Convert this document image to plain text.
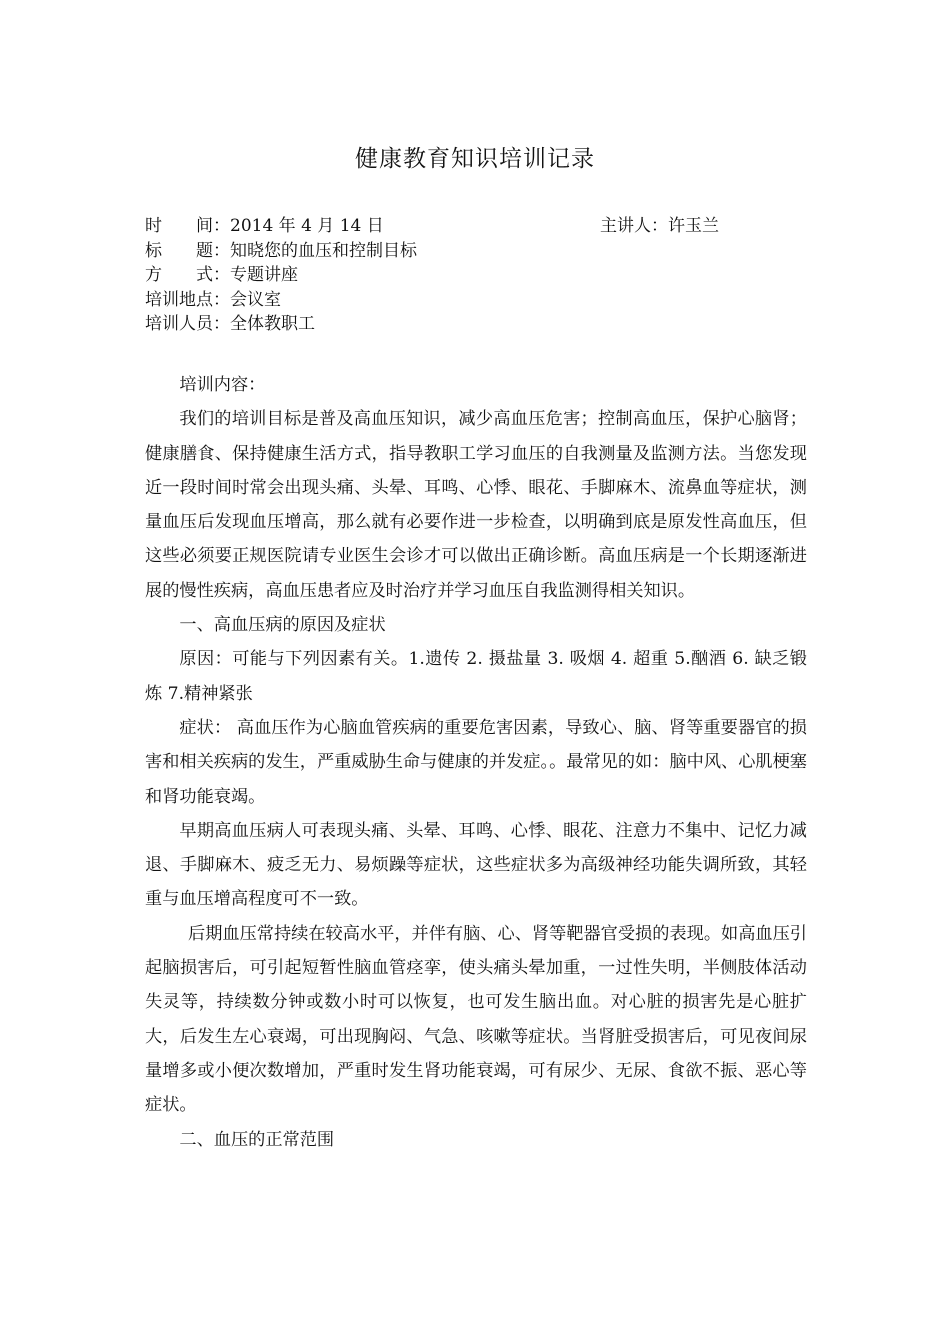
健康教育知识培训记录
时　　间：2014 年 4 月 14 日	主讲人：许玉兰
标　　题：知晓您的血压和控制目标
方　　式：专题讲座
培训地点：会议室
培训人员：全体教职工

培训内容：

我们的培训目标是普及高血压知识，减少高血压危害；控制高血压，保护心脑肾；健康膳食、保持健康生活方式，指导教职工学习血压的自我测量及监测方法。当您发现近一段时间时常会出现头痛、头晕、耳鸣、心悸、眼花、手脚麻木、流鼻血等症状，测量血压后发现血压增高，那么就有必要作进一步检查，以明确到底是原发性高血压，但这些必须要正规医院请专业医生会诊才可以做出正确诊断。高血压病是一个长期逐渐进展的慢性疾病，高血压患者应及时治疗并学习血压自我监测得相关知识。

一、高血压病的原因及症状

原因：可能与下列因素有关。1.遗传 2. 摄盐量 3. 吸烟 4. 超重 5.酗酒 6. 缺乏锻炼 7.精神紧张

症状： 高血压作为心脑血管疾病的重要危害因素，导致心、脑、肾等重要器官的损害和相关疾病的发生，严重威胁生命与健康的并发症。。最常见的如：脑中风、心肌梗塞和肾功能衰竭。

早期高血压病人可表现头痛、头晕、耳鸣、心悸、眼花、注意力不集中、记忆力减退、手脚麻木、疲乏无力、易烦躁等症状，这些症状多为高级神经功能失调所致，其轻重与血压增高程度可不一致。

后期血压常持续在较高水平，并伴有脑、心、肾等靶器官受损的表现。如高血压引起脑损害后，可引起短暂性脑血管痉挛，使头痛头晕加重，一过性失明，半侧肢体活动失灵等，持续数分钟或数小时可以恢复，也可发生脑出血。对心脏的损害先是心脏扩大，后发生左心衰竭，可出现胸闷、气急、咳嗽等症状。当肾脏受损害后，可见夜间尿量增多或小便次数增加，严重时发生肾功能衰竭，可有尿少、无尿、食欲不振、恶心等症状。

二、血压的正常范围
